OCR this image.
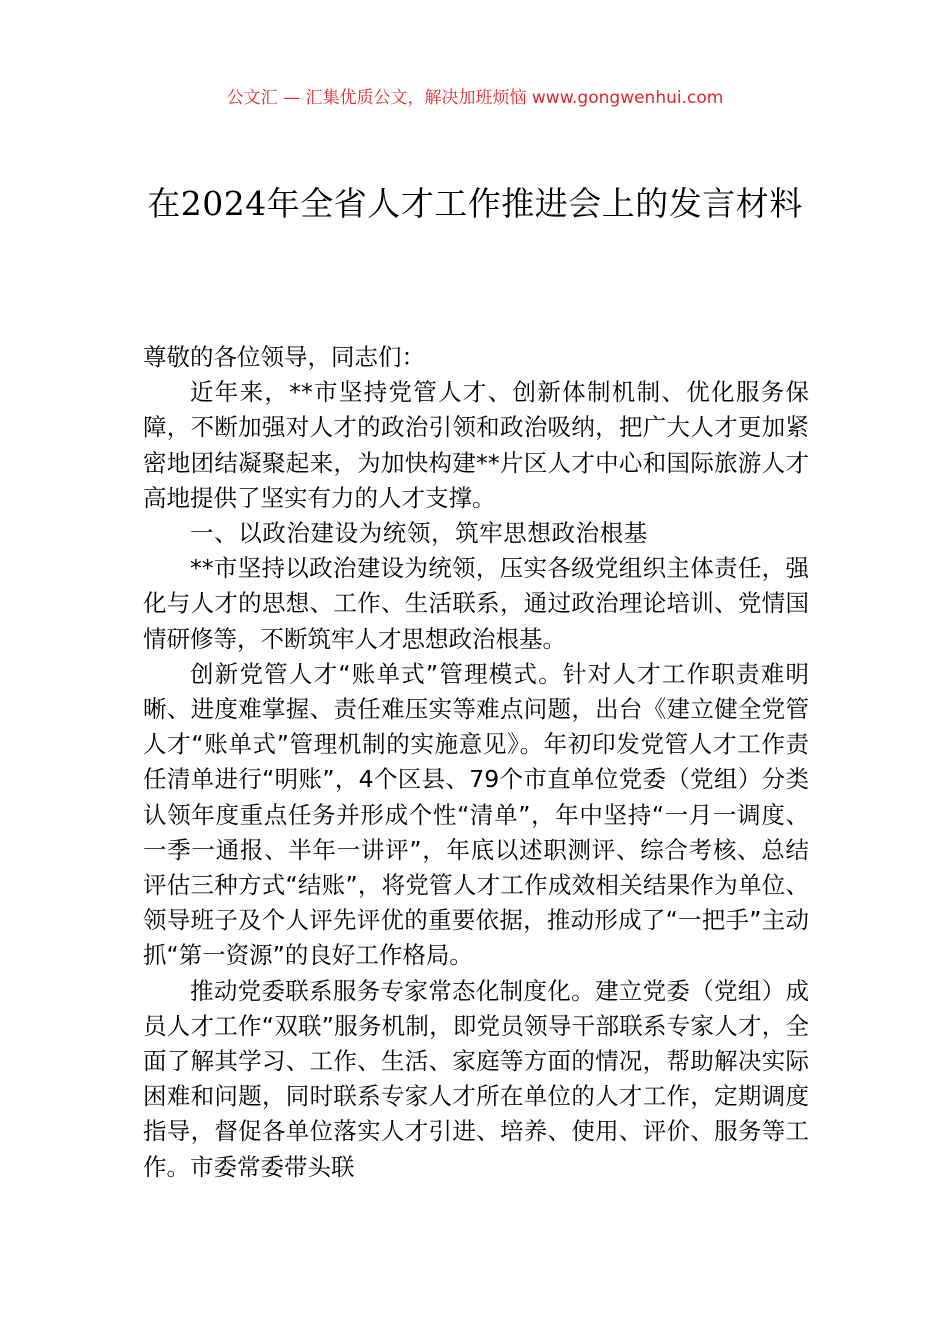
公文汇 — 汇集优质公文，解决加班烦恼 www.gongwenhui.com
在2024年全省人才工作推进会上的发言材料

尊敬的各位领导，同志们：

近年来，**市坚持党管人才、创新体制机制、优化服务保障，不断加强对人才的政治引领和政治吸纳，把广大人才更加紧密地团结凝聚起来，为加快构建**片区人才中心和国际旅游人才高地提供了坚实有力的人才支撑。

一、以政治建设为统领，筑牢思想政治根基

**市坚持以政治建设为统领，压实各级党组织主体责任，强化与人才的思想、工作、生活联系，通过政治理论培训、党情国情研修等，不断筑牢人才思想政治根基。

创新党管人才“账单式”管理模式。针对人才工作职责难明晰、进度难掌握、责任难压实等难点问题，出台《建立健全党管人才“账单式”管理机制的实施意见》。年初印发党管人才工作责任清单进行“明账”，4个区县、79个市直单位党委（党组）分类认领年度重点任务并形成个性“清单”，年中坚持“一月一调度、一季一通报、半年一讲评”，年底以述职测评、综合考核、总结评估三种方式“结账”，将党管人才工作成效相关结果作为单位、领导班子及个人评先评优的重要依据，推动形成了“一把手”主动抓“第一资源”的良好工作格局。

推动党委联系服务专家常态化制度化。建立党委（党组）成员人才工作“双联”服务机制，即党员领导干部联系专家人才，全面了解其学习、工作、生活、家庭等方面的情况，帮助解决实际困难和问题，同时联系专家人才所在单位的人才工作，定期调度指导，督促各单位落实人才引进、培养、使用、评价、服务等工作。市委常委带头联
